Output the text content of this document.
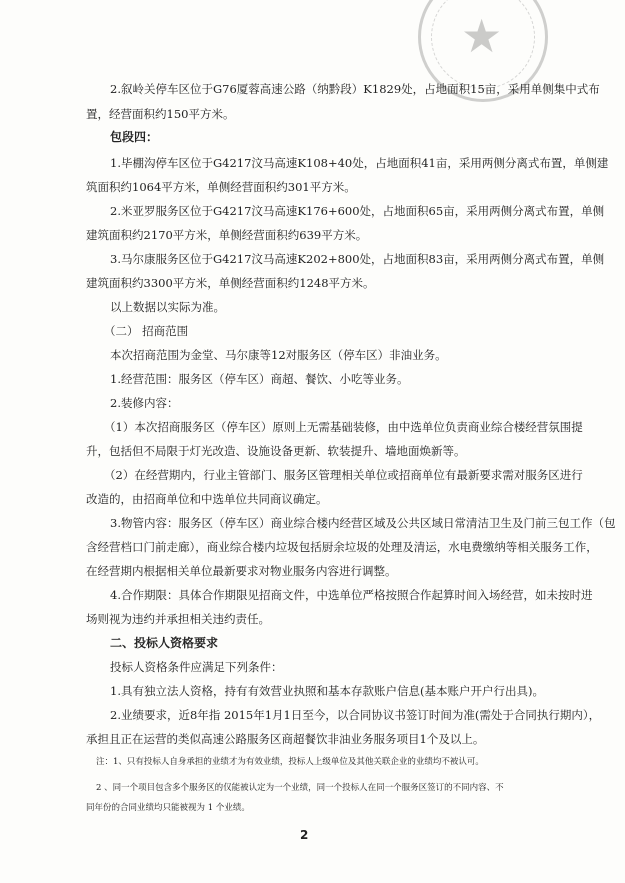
★
2.叙岭关停车区位于G76厦蓉高速公路（纳黔段）K1829处，占地面积15亩，采用单侧集中式布
置，经营面积约150平方米。
包段四：
1.毕棚沟停车区位于G4217汶马高速K108+40处，占地面积41亩，采用两侧分离式布置，单侧建
筑面积约1064平方米，单侧经营面积约301平方米。
2.米亚罗服务区位于G4217汶马高速K176+600处，占地面积65亩，采用两侧分离式布置，单侧
建筑面积约2170平方米，单侧经营面积约639平方米。
3.马尔康服务区位于G4217汶马高速K202+800处，占地面积83亩，采用两侧分离式布置，单侧
建筑面积约3300平方米，单侧经营面积约1248平方米。
以上数据以实际为准。
（二） 招商范围
本次招商范围为金堂、马尔康等12对服务区（停车区）非油业务。
1.经营范围：服务区（停车区）商超、餐饮、小吃等业务。
2.装修内容：
（1）本次招商服务区（停车区）原则上无需基础装修，由中选单位负责商业综合楼经营氛围提
升，包括但不局限于灯光改造、设施设备更新、软装提升、墙地面焕新等。
（2）在经营期内，行业主管部门、服务区管理相关单位或招商单位有最新要求需对服务区进行
改造的，由招商单位和中选单位共同商议确定。
3.物管内容：服务区（停车区）商业综合楼内经营区域及公共区域日常清洁卫生及门前三包工作（包
含经营档口门前走廊），商业综合楼内垃圾包括厨余垃圾的处理及清运，水电费缴纳等相关服务工作，
在经营期内根据相关单位最新要求对物业服务内容进行调整。
4.合作期限：具体合作期限见招商文件，中选单位严格按照合作起算时间入场经营，如未按时进
场则视为违约并承担相关违约责任。
二、投标人资格要求
投标人资格条件应满足下列条件：
1.具有独立法人资格，持有有效营业执照和基本存款账户信息(基本账户开户行出具)。
2.业绩要求，近8年指 2015年1月1日至今，以合同协议书签订时间为准(需处于合同执行期内），
承担且正在运营的类似高速公路服务区商超餐饮非油业务服务项目1个及以上。
注：1、只有投标人自身承担的业绩才为有效业绩，投标人上级单位及其他关联企业的业绩均不被认可。
2 、同一个项目包含多个服务区的仅能被认定为一个业绩，同一个投标人在同一个服务区签订的不同内容、不
同年份的合同业绩均只能被视为 1 个业绩。
2
